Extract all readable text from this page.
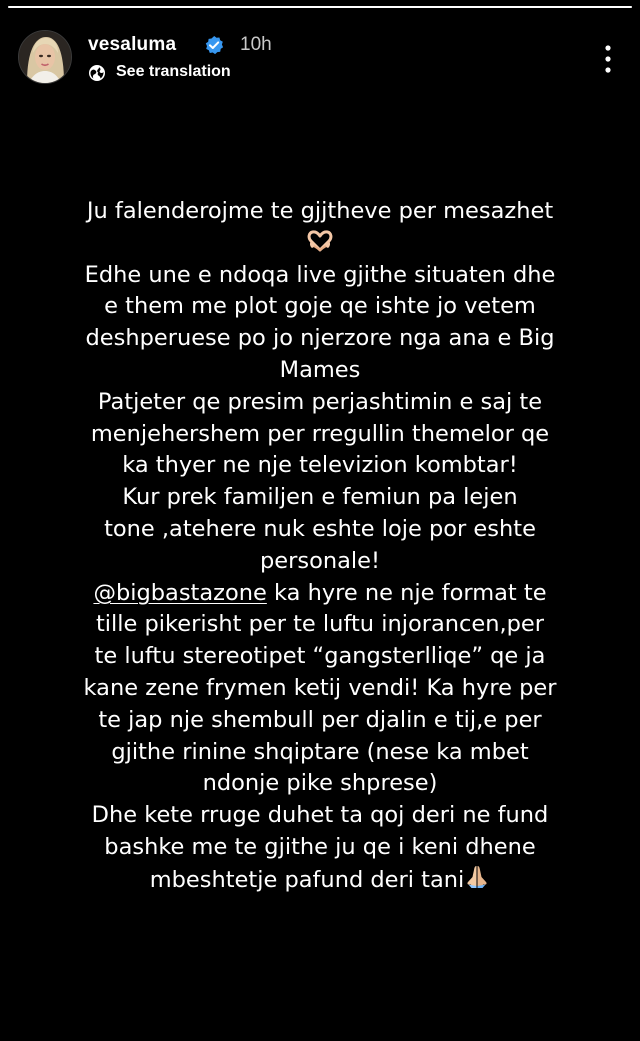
vesaluma	10h
See translation
Ju falenderojme te gjjtheve per mesazhet
Edhe une e ndoqa live gjithe situaten dhe
e them me plot goje qe ishte jo vetem
deshperuese po jo njerzore nga ana e Big
Mames
Patjeter qe presim perjashtimin e saj te
menjehershem per rregullin themelor qe
ka thyer ne nje televizion kombtar!
Kur prek familjen e femiun pa lejen
tone ,atehere nuk eshte loje por eshte
personale!
@bigbastazone ka hyre ne nje format te
tille pikerisht per te luftu injorancen,per
te luftu stereotipet “gangsterlliqe” qe ja
kane zene frymen ketij vendi! Ka hyre per
te jap nje shembull per djalin e tij,e per
gjithe rinine shqiptare (nese ka mbet
ndonje pike shprese)
Dhe kete rruge duhet ta qoj deri ne fund
bashke me te gjithe ju qe i keni dhene
mbeshtetje pafund deri tani
